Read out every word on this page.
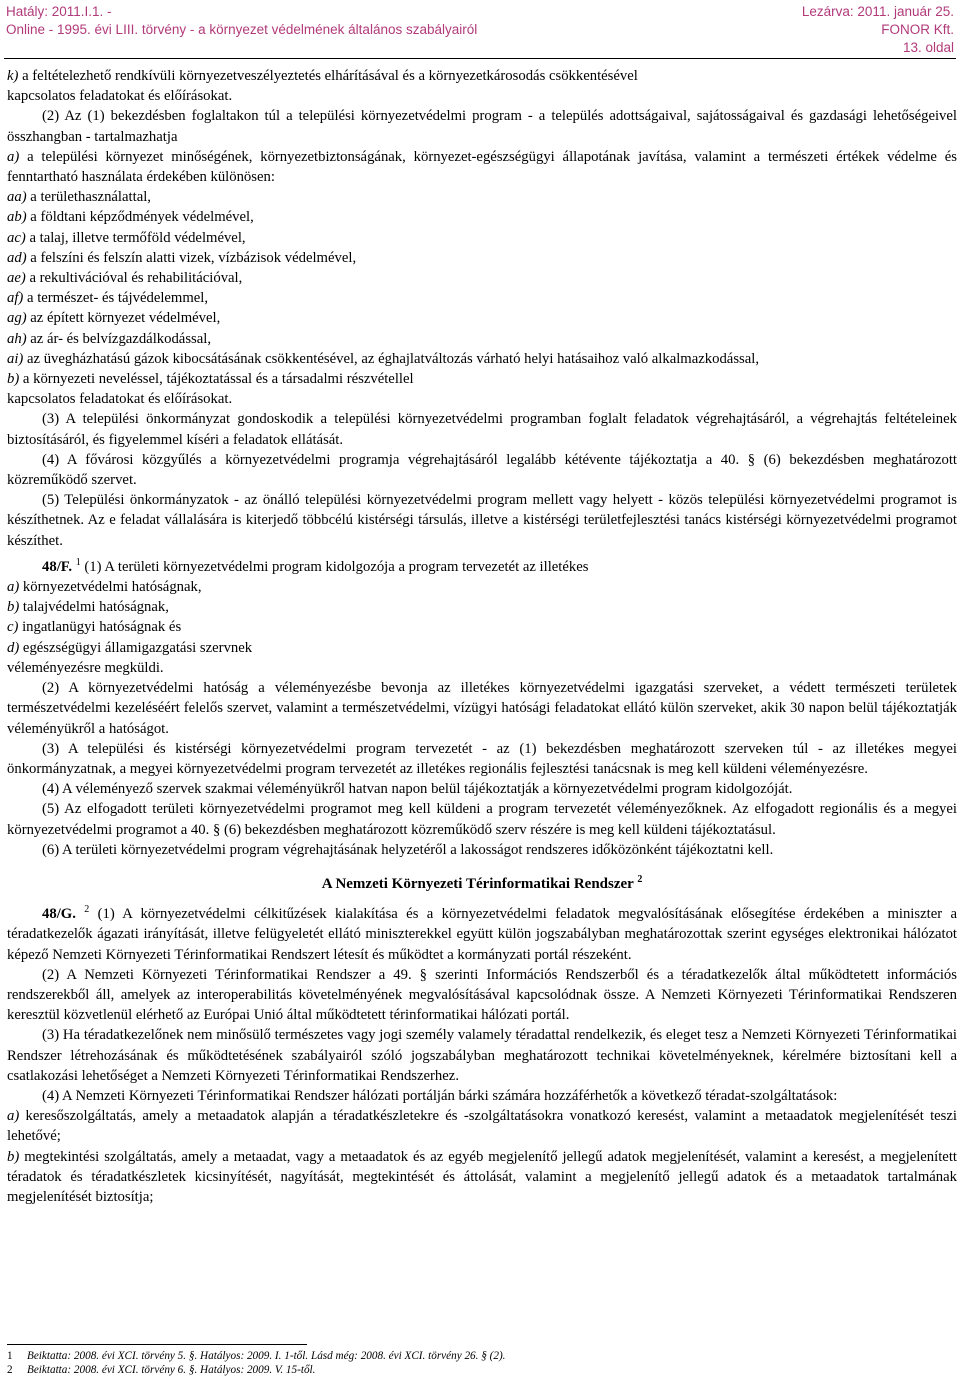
Hatály: 2011.I.1. -
Online - 1995. évi LIII. törvény - a környezet védelmének általános szabályairól
Lezárva: 2011. január 25.
FONOR Kft.
13. oldal

k) a feltételezhető rendkívüli környezetveszélyeztetés elhárításával és a környezetkárosodás csökkentésével

kapcsolatos feladatokat és előírásokat.

(2) Az (1) bekezdésben foglaltakon túl a települési környezetvédelmi program - a település adottságaival, sajátosságaival és gazdasági lehetőségeivel összhangban - tartalmazhatja

a) a települési környezet minőségének, környezetbiztonságának, környezet-egészségügyi állapotának javítása, valamint a természeti értékek védelme és fenntartható használata érdekében különösen:

aa) a területhasználattal,

ab) a földtani képződmények védelmével,

ac) a talaj, illetve termőföld védelmével,

ad) a felszíni és felszín alatti vizek, vízbázisok védelmével,

ae) a rekultivációval és rehabilitációval,

af) a természet- és tájvédelemmel,

ag) az épített környezet védelmével,

ah) az ár- és belvízgazdálkodással,

ai) az üvegházhatású gázok kibocsátásának csökkentésével, az éghajlatváltozás várható helyi hatásaihoz való alkalmazkodással,

b) a környezeti neveléssel, tájékoztatással és a társadalmi részvétellel

kapcsolatos feladatokat és előírásokat.

(3) A települési önkormányzat gondoskodik a települési környezetvédelmi programban foglalt feladatok végrehajtásáról, a végrehajtás feltételeinek biztosításáról, és figyelemmel kíséri a feladatok ellátását.

(4) A fővárosi közgyűlés a környezetvédelmi programja végrehajtásáról legalább kétévente tájékoztatja a 40. § (6) bekezdésben meghatározott közreműködő szervet.

(5) Települési önkormányzatok - az önálló települési környezetvédelmi program mellett vagy helyett - közös települési környezetvédelmi programot is készíthetnek. Az e feladat vállalására is kiterjedő többcélú kistérségi társulás, illetve a kistérségi területfejlesztési tanács kistérségi környezetvédelmi programot készíthet.

48/F. $^1$ (1) A területi környezetvédelmi program kidolgozója a program tervezetét az illetékes

a) környezetvédelmi hatóságnak,

b) talajvédelmi hatóságnak,

c) ingatlanügyi hatóságnak és

d) egészségügyi államigazgatási szervnek

véleményezésre megküldi.

(2) A környezetvédelmi hatóság a véleményezésbe bevonja az illetékes környezetvédelmi igazgatási szerveket, a védett természeti területek természetvédelmi kezeléséért felelős szervet, valamint a természetvédelmi, vízügyi hatósági feladatokat ellátó külön szerveket, akik 30 napon belül tájékoztatják véleményükről a hatóságot.

(3) A települési és kistérségi környezetvédelmi program tervezetét - az (1) bekezdésben meghatározott szerveken túl - az illetékes megyei önkormányzatnak, a megyei környezetvédelmi program tervezetét az illetékes regionális fejlesztési tanácsnak is meg kell küldeni véleményezésre.

(4) A véleményező szervek szakmai véleményükről hatvan napon belül tájékoztatják a környezetvédelmi program kidolgozóját.

(5) Az elfogadott területi környezetvédelmi programot meg kell küldeni a program tervezetét véleményezőknek. Az elfogadott regionális és a megyei környezetvédelmi programot a 40. § (6) bekezdésben meghatározott közreműködő szerv részére is meg kell küldeni tájékoztatásul.

(6) A területi környezetvédelmi program végrehajtásának helyzetéről a lakosságot rendszeres időközönként tájékoztatni kell.

A Nemzeti Környezeti Térinformatikai Rendszer $^2$

48/G. $^2$ (1) A környezetvédelmi célkitűzések kialakítása és a környezetvédelmi feladatok megvalósításának elősegítése érdekében a miniszter a téradatkezelők ágazati irányítását, illetve felügyeletét ellátó miniszterekkel együtt külön jogszabályban meghatározottak szerint egységes elektronikai hálózatot képező Nemzeti Környezeti Térinformatikai Rendszert létesít és működtet a kormányzati portál részeként.

(2) A Nemzeti Környezeti Térinformatikai Rendszer a 49. § szerinti Információs Rendszerből és a téradatkezelők által működtetett információs rendszerekből áll, amelyek az interoperabilitás követelményének megvalósításával kapcsolódnak össze. A Nemzeti Környezeti Térinformatikai Rendszeren keresztül közvetlenül elérhető az Európai Unió által működtetett térinformatikai hálózati portál.

(3) Ha téradatkezelőnek nem minősülő természetes vagy jogi személy valamely téradattal rendelkezik, és eleget tesz a Nemzeti Környezeti Térinformatikai Rendszer létrehozásának és működtetésének szabályairól szóló jogszabályban meghatározott technikai követelményeknek, kérelmére biztosítani kell a csatlakozási lehetőséget a Nemzeti Környezeti Térinformatikai Rendszerhez.

(4) A Nemzeti Környezeti Térinformatikai Rendszer hálózati portálján bárki számára hozzáférhetők a következő téradat-szolgáltatások:

a) keresőszolgáltatás, amely a metaadatok alapján a téradatkészletekre és -szolgáltatásokra vonatkozó keresést, valamint a metaadatok megjelenítését teszi lehetővé;

b) megtekintési szolgáltatás, amely a metaadat, vagy a metaadatok és az egyéb megjelenítő jellegű adatok megjelenítését, valamint a keresést, a megjelenített téradatok és téradatkészletek kicsinyítését, nagyítását, megtekintését és áttolását, valamint a megjelenítő jellegű adatok és a metaadatok tartalmának megjelenítését biztosítja;

1 Beiktatta: 2008. évi XCI. törvény 5. §. Hatályos: 2009. I. 1-től. Lásd még: 2008. évi XCI. törvény 26. § (2).
2 Beiktatta: 2008. évi XCI. törvény 6. §. Hatályos: 2009. V. 15-től.
